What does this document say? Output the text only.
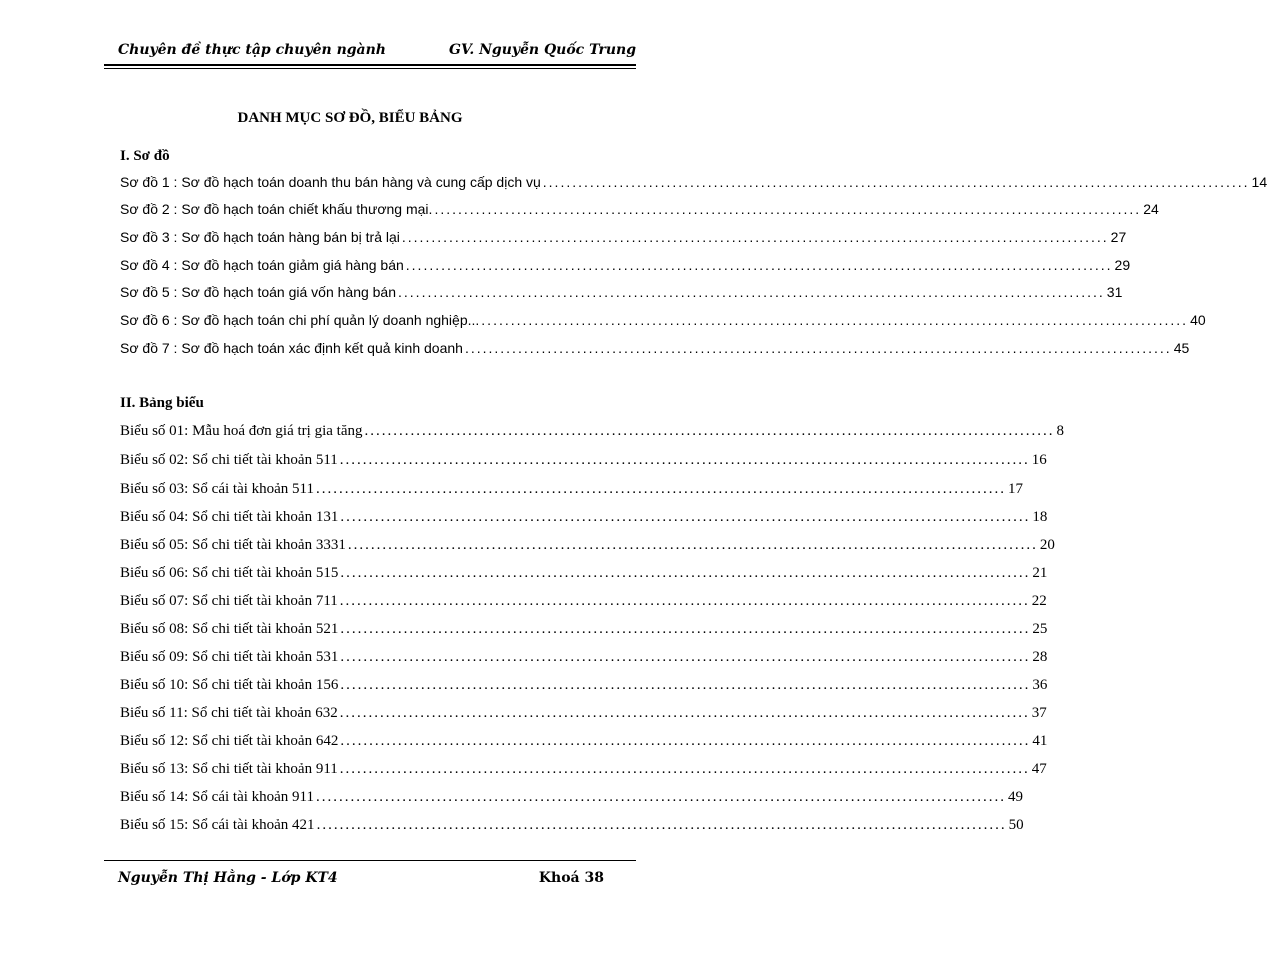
Chuyên đề thực tập chuyên ngành	GV. Nguyễn Quốc Trung
DANH MỤC SƠ ĐỒ, BIỂU BẢNG
I. Sơ đồ
Sơ đồ 1 : Sơ đồ hạch toán doanh thu bán hàng và cung cấp dịch vụ ........................................................................................................................ 14
Sơ đồ 2 : Sơ đồ hạch toán chiết khấu thương mại. ........................................................................................................................ 24
Sơ đồ 3 : Sơ đồ hạch toán hàng bán bị trả lại ........................................................................................................................ 27
Sơ đồ 4 : Sơ đồ hạch toán giảm giá hàng bán ........................................................................................................................ 29
Sơ đồ 5 : Sơ đồ hạch toán giá vốn hàng bán ........................................................................................................................ 31
Sơ đồ 6 : Sơ đồ hạch toán chi phí quản lý doanh nghiệp... ........................................................................................................................ 40
Sơ đồ 7 : Sơ đồ hạch toán xác định kết quả kinh doanh ........................................................................................................................ 45
II. Bảng biểu
Biểu số 01: Mẫu hoá đơn giá trị gia tăng ........................................................................................................................ 8
Biểu số 02: Sổ chi tiết tài khoản 511 ........................................................................................................................ 16
Biểu số 03: Sổ cái tài khoản 511 ........................................................................................................................ 17
Biểu số 04: Sổ chi tiết tài khoản 131 ........................................................................................................................ 18
Biểu số 05: Sổ chi tiết tài khoản 3331 ........................................................................................................................ 20
Biểu số 06: Sổ chi tiết tài khoản 515 ........................................................................................................................ 21
Biểu số 07: Sổ chi tiết tài khoản 711 ........................................................................................................................ 22
Biểu số 08: Sổ chi tiết tài khoản 521 ........................................................................................................................ 25
Biểu số 09: Sổ chi tiết tài khoản 531 ........................................................................................................................ 28
Biểu số 10: Sổ chi tiết tài khoản 156 ........................................................................................................................ 36
Biểu số 11: Sổ chi tiết tài khoản 632 ........................................................................................................................ 37
Biểu số 12: Sổ chi tiết tài khoản 642 ........................................................................................................................ 41
Biểu số 13: Sổ chi tiết tài khoản 911 ........................................................................................................................ 47
Biểu số 14: Sổ cái tài khoản 911 ........................................................................................................................ 49
Biểu số 15: Sổ cái tài khoản 421 ........................................................................................................................ 50
Nguyễn Thị Hằng - Lớp KT4	Khoá 38
